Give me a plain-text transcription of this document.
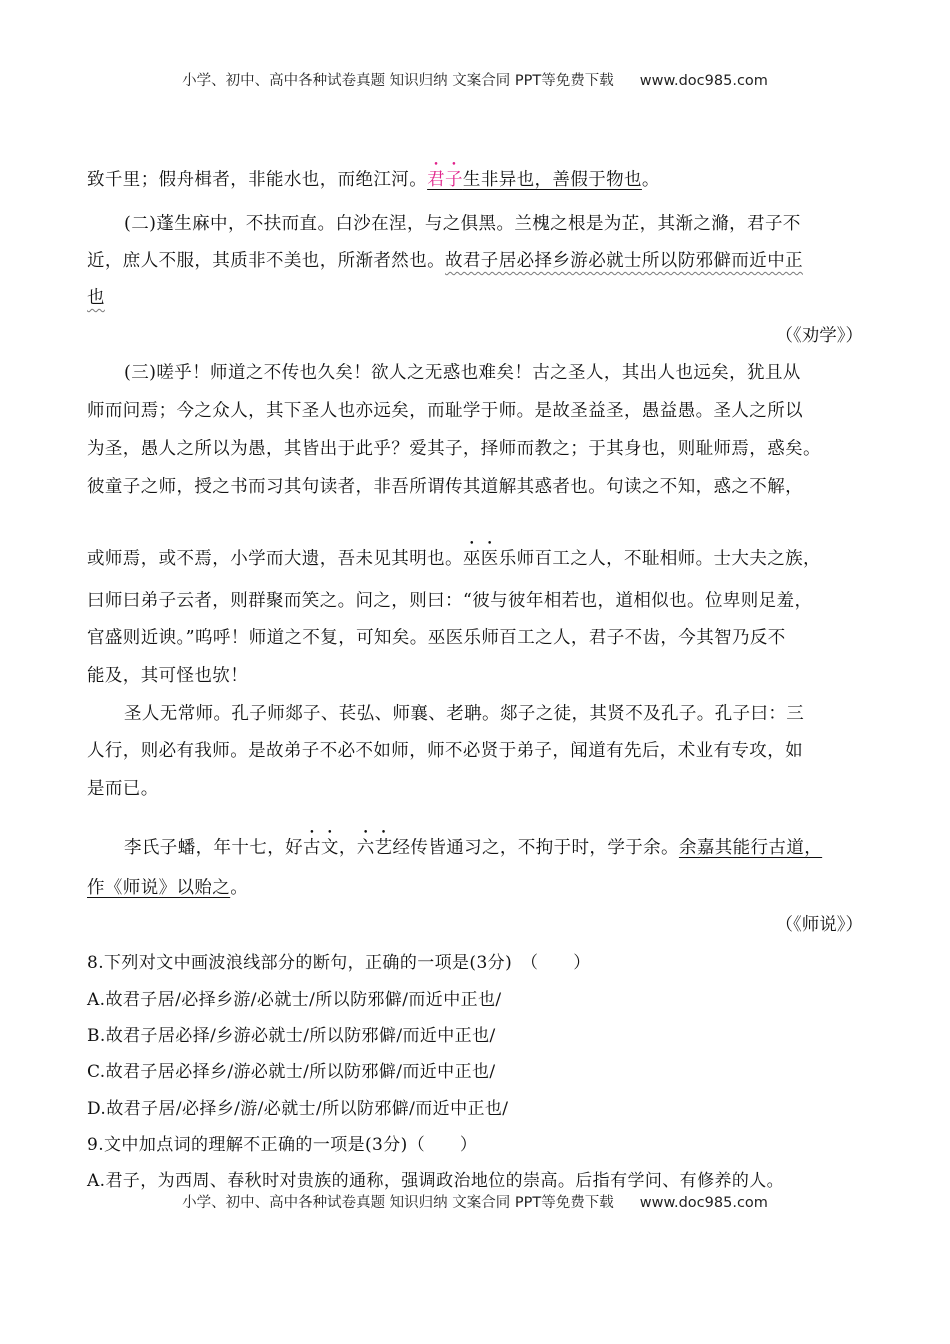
小学、初中、高中各种试卷真题 知识归纳 文案合同 PPT等免费下载 www.doc985.com
致千里；假舟楫者，非能水也，而绝江河。君子生非异也，善假于物也。
(二)蓬生麻中，不扶而直。白沙在涅，与之俱黑。兰槐之根是为芷，其渐之滫，君子不
近，庶人不服，其质非不美也，所渐者然也。故君子居必择乡游必就士所以防邪僻而近中正
也
（《劝学》）
(三)嗟乎！师道之不传也久矣！欲人之无惑也难矣！古之圣人，其出人也远矣，犹且从
师而问焉；今之众人，其下圣人也亦远矣，而耻学于师。是故圣益圣，愚益愚。圣人之所以
为圣，愚人之所以为愚，其皆出于此乎？爱其子，择师而教之；于其身也，则耻师焉，惑矣。
彼童子之师，授之书而习其句读者，非吾所谓传其道解其惑者也。句读之不知，惑之不解，
或师焉，或不焉，小学而大遗，吾未见其明也。巫医乐师百工之人，不耻相师。士大夫之族，
曰师曰弟子云者，则群聚而笑之。问之，则曰：“彼与彼年相若也，道相似也。位卑则足羞，
官盛则近谀。”呜呼！师道之不复，可知矣。巫医乐师百工之人，君子不齿，今其智乃反不
能及，其可怪也欤！
圣人无常师。孔子师郯子、苌弘、师襄、老聃。郯子之徒，其贤不及孔子。孔子曰：三
人行，则必有我师。是故弟子不必不如师，师不必贤于弟子，闻道有先后，术业有专攻，如
是而已。
李氏子蟠，年十七，好古文，六艺经传皆通习之，不拘于时，学于余。余嘉其能行古道，
作《师说》以贻之。
（《师说》）
8.下列对文中画波浪线部分的断句，正确的一项是(3分)　（　　）
A.故君子居/必择乡游/必就士/所以防邪僻/而近中正也/
B.故君子居必择/乡游必就士/所以防邪僻/而近中正也/
C.故君子居必择乡/游必就士/所以防邪僻/而近中正也/
D.故君子居/必择乡/游/必就士/所以防邪僻/而近中正也/
9.文中加点词的理解不正确的一项是(3分)（　　）
A.君子，为西周、春秋时对贵族的通称，强调政治地位的崇高。后指有学问、有修养的人。
小学、初中、高中各种试卷真题 知识归纳 文案合同 PPT等免费下载 www.doc985.com
